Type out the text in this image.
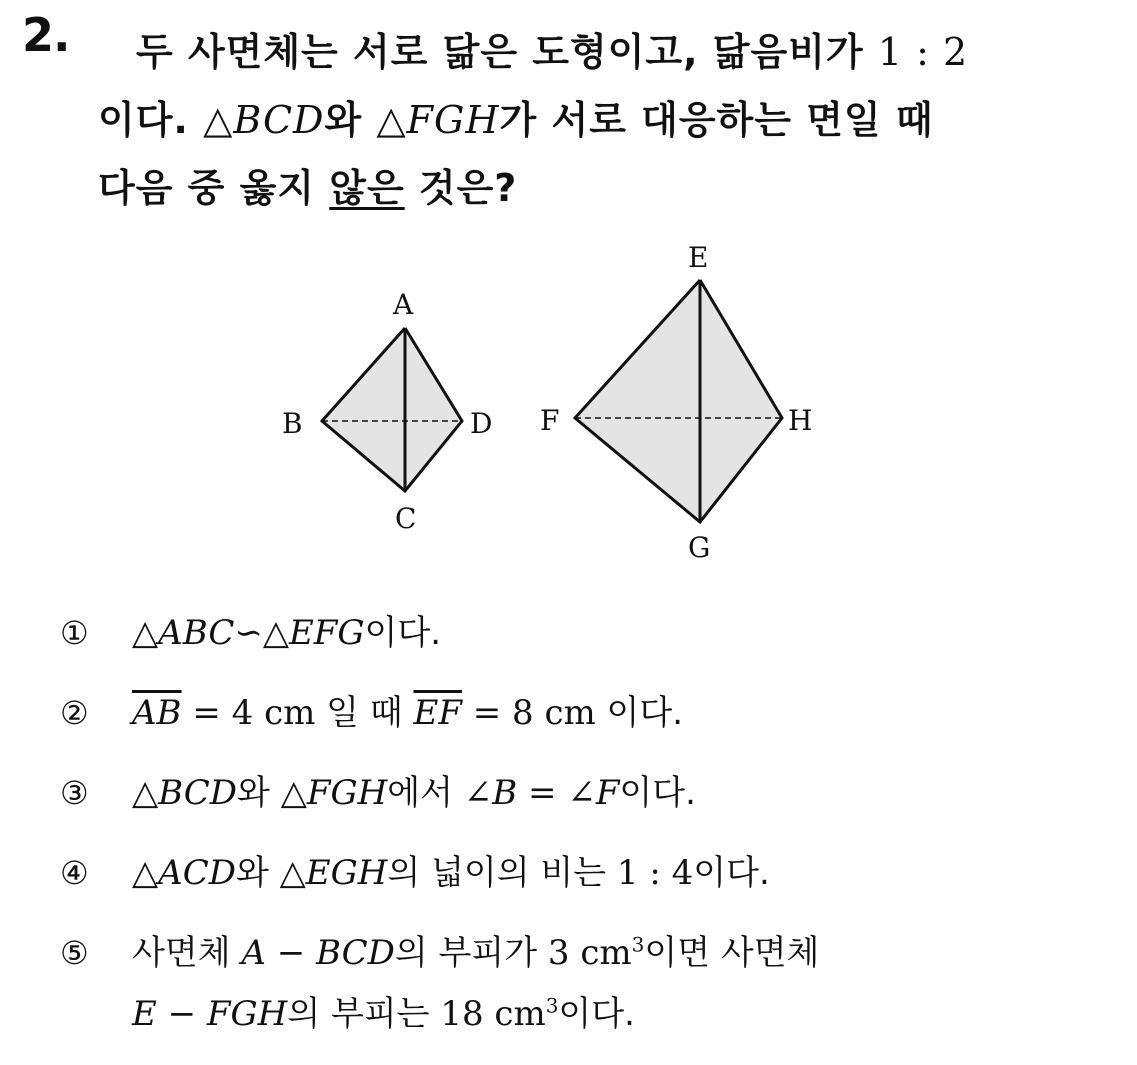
2.	두 사면체는 서로 닮은 도형이고, 닮음비가 1 : 2
이다. △BCD와 △FGH가 서로 대응하는 면일 때
다음 중 옳지 않은 것은?
A
B
C
D
E
F
G
H
①	△ABC∽△EFG이다.
②	$\overline{AB} = 4$ cm 일 때 $\overline{EF} = 8$ cm 이다.
③	△BCD와 △FGH에서 ∠B = ∠F이다.
④	△ACD와 △EGH의 넓이의 비는 1 : 4이다.
⑤	사면체 A − BCD의 부피가 3 $cm^3$이면 사면체
E − FGH의 부피는 18 $cm^3$이다.
